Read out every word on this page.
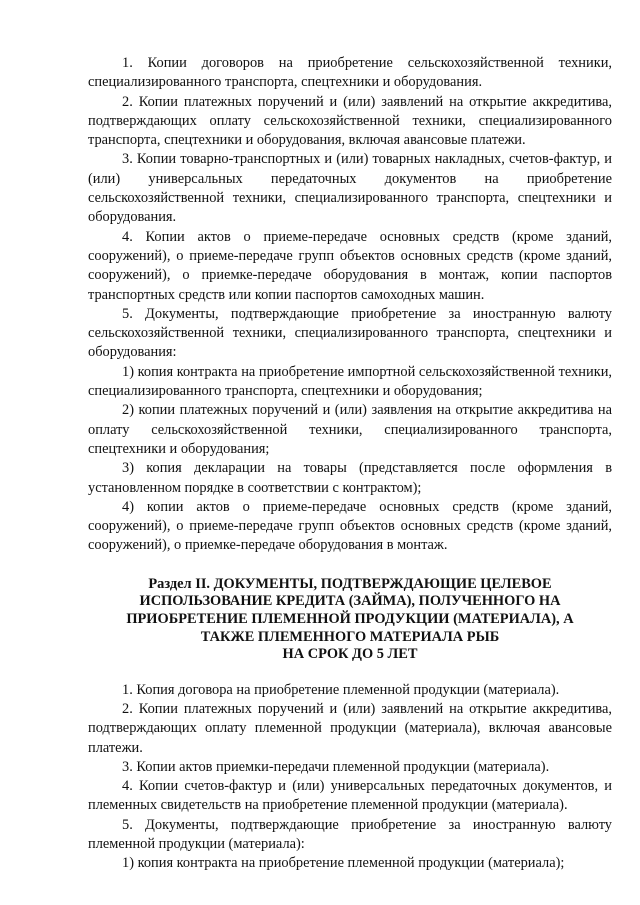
1. Копии договоров на приобретение сельскохозяйственной техники, специализированного транспорта, спецтехники и оборудования.

2. Копии платежных поручений и (или) заявлений на открытие аккредитива, подтверждающих оплату сельскохозяйственной техники, специализированного транспорта, спецтехники и оборудования, включая авансовые платежи.

3. Копии товарно-транспортных и (или) товарных накладных, счетов-фактур, и (или) универсальных передаточных документов на приобретение сельскохозяйственной техники, специализированного транспорта, спецтехники и оборудования.

4. Копии актов о приеме-передаче основных средств (кроме зданий, сооружений), о приеме-передаче групп объектов основных средств (кроме зданий, сооружений), о приемке-передаче оборудования в монтаж, копии паспортов транспортных средств или копии паспортов самоходных машин.

5. Документы, подтверждающие приобретение за иностранную валюту сельскохозяйственной техники, специализированного транспорта, спецтехники и оборудования:

1) копия контракта на приобретение импортной сельскохозяйственной техники, специализированного транспорта, спецтехники и оборудования;

2) копии платежных поручений и (или) заявления на открытие аккредитива на оплату сельскохозяйственной техники, специализированного транспорта, спецтехники и оборудования;

3) копия декларации на товары (представляется после оформления в установленном порядке в соответствии с контрактом);

4) копии актов о приеме-передаче основных средств (кроме зданий, сооружений), о приеме-передаче групп объектов основных средств (кроме зданий, сооружений), о приемке-передаче оборудования в монтаж.

Раздел II. ДОКУМЕНТЫ, ПОДТВЕРЖДАЮЩИЕ ЦЕЛЕВОЕ
ИСПОЛЬЗОВАНИЕ КРЕДИТА (ЗАЙМА), ПОЛУЧЕННОГО НА
ПРИОБРЕТЕНИЕ ПЛЕМЕННОЙ ПРОДУКЦИИ (МАТЕРИАЛА), А
ТАКЖЕ ПЛЕМЕННОГО МАТЕРИАЛА РЫБ
НА СРОК ДО 5 ЛЕТ

1. Копия договора на приобретение племенной продукции (материала).

2. Копии платежных поручений и (или) заявлений на открытие аккредитива, подтверждающих оплату племенной продукции (материала), включая авансовые платежи.

3. Копии актов приемки-передачи племенной продукции (материала).

4. Копии счетов-фактур и (или) универсальных передаточных документов, и племенных свидетельств на приобретение племенной продукции (материала).

5. Документы, подтверждающие приобретение за иностранную валюту племенной продукции (материала):

1) копия контракта на приобретение племенной продукции (материала);
